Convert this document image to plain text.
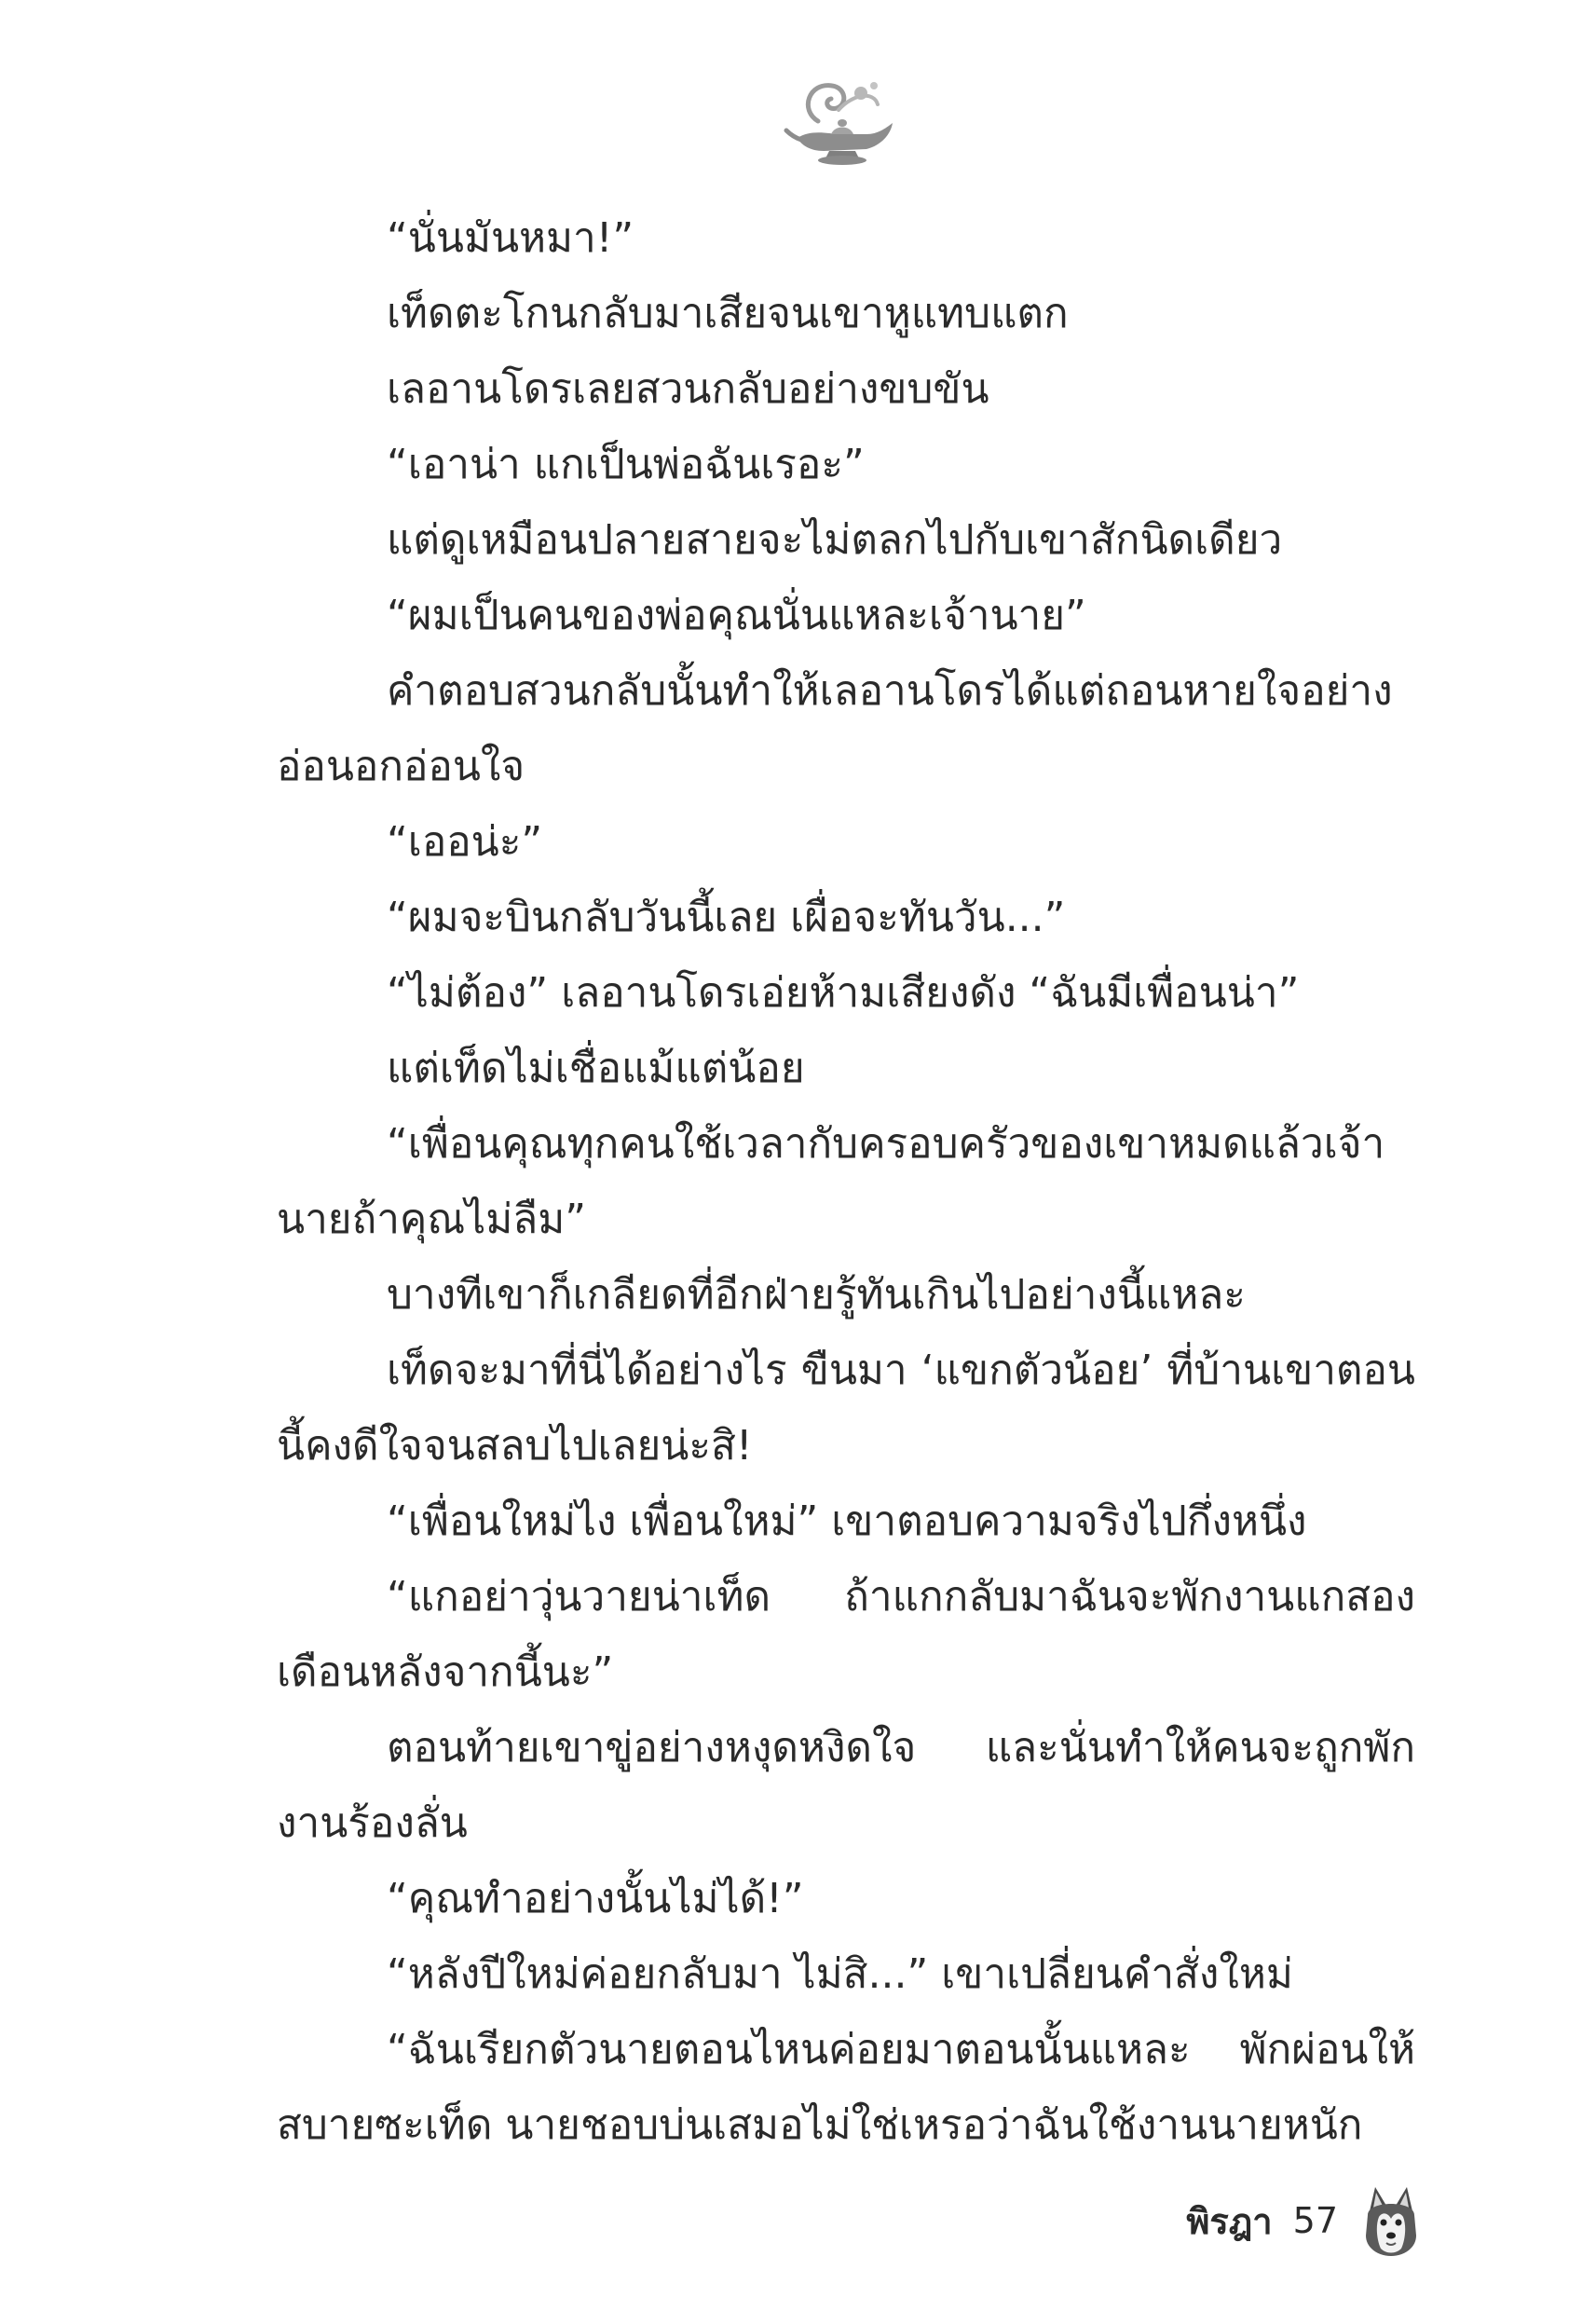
“นั่นมันหมา!”

เท็ดตะโกนกลับมาเสียจนเขาหูแทบแตก

เลอานโดรเลยสวนกลับอย่างขบขัน

“เอาน่า แกเป็นพ่อฉันเรอะ”

แต่ดูเหมือนปลายสายจะไม่ตลกไปกับเขาสักนิดเดียว

“ผมเป็นคนของพ่อคุณนั่นแหละเจ้านาย”

คำตอบสวนกลับนั้นทำให้เลอานโดรได้แต่ถอนหายใจอย่างอ่อนอกอ่อนใจ

“เออน่ะ”

“ผมจะบินกลับวันนี้เลย เผื่อจะทันวัน...”

“ไม่ต้อง” เลอานโดรเอ่ยห้ามเสียงดัง “ฉันมีเพื่อนน่า”

แต่เท็ดไม่เชื่อแม้แต่น้อย

“เพื่อนคุณทุกคนใช้เวลากับครอบครัวของเขาหมดแล้วเจ้านายถ้าคุณไม่ลืม”

บางทีเขาก็เกลียดที่อีกฝ่ายรู้ทันเกินไปอย่างนี้แหละ

เท็ดจะมาที่นี่ได้อย่างไร ขืนมา ‘แขกตัวน้อย’ ที่บ้านเขาตอนนี้คงดีใจจนสลบไปเลยน่ะสิ!

“เพื่อนใหม่ไง เพื่อนใหม่” เขาตอบความจริงไปกึ่งหนึ่ง

“แกอย่าวุ่นวายน่าเท็ด ถ้าแกกลับมาฉันจะพักงานแกสองเดือนหลังจากนี้นะ”

ตอนท้ายเขาขู่อย่างหงุดหงิดใจ และนั่นทำให้คนจะถูกพักงานร้องลั่น

“คุณทำอย่างนั้นไม่ได้!”

“หลังปีใหม่ค่อยกลับมา ไม่สิ...” เขาเปลี่ยนคำสั่งใหม่

“ฉันเรียกตัวนายตอนไหนค่อยมาตอนนั้นแหละ พักผ่อนให้สบายซะเท็ด นายชอบบ่นเสมอไม่ใช่เหรอว่าฉันใช้งานนายหนัก

พิรฎา 57
